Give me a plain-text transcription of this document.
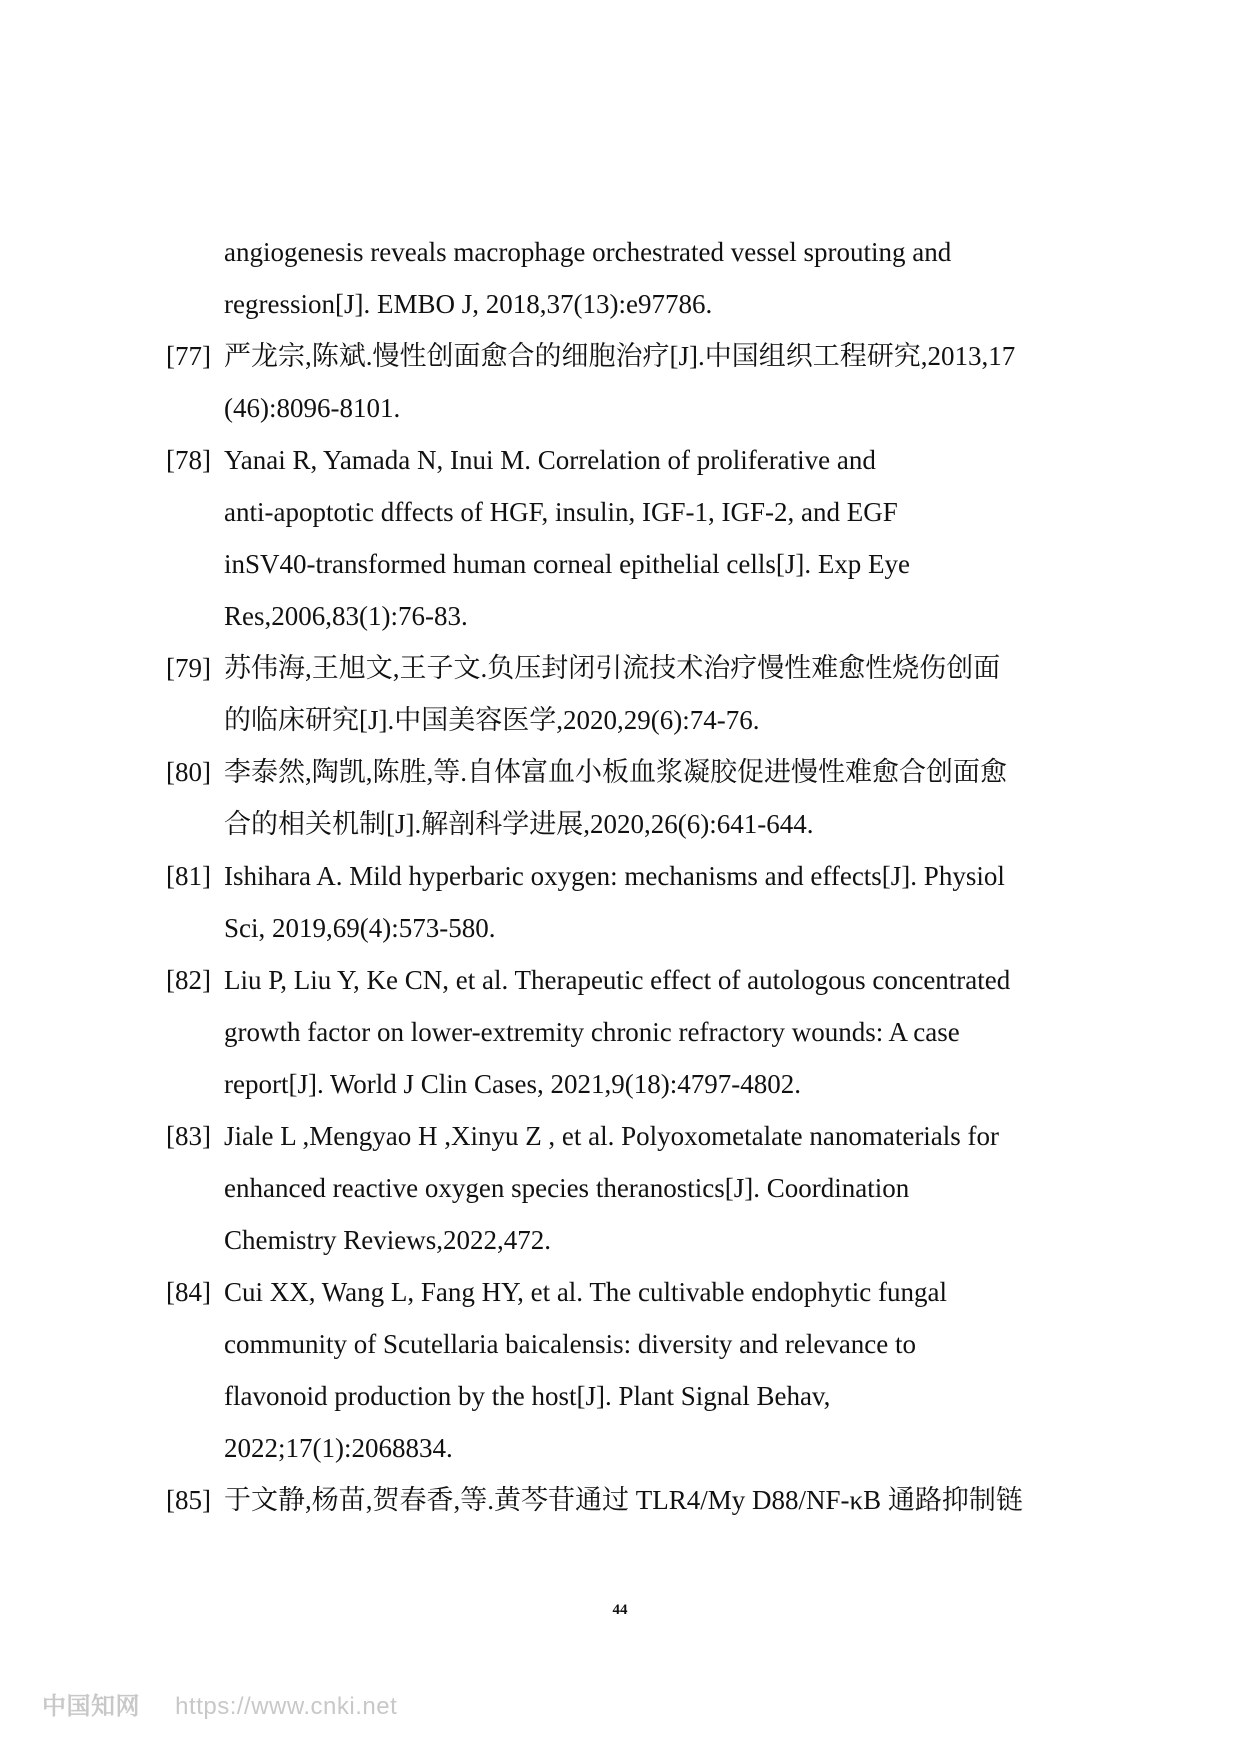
angiogenesis reveals macrophage orchestrated vessel sprouting and
regression[J]. EMBO J, 2018,37(13):e97786.
[77] 严龙宗,陈斌.慢性创面愈合的细胞治疗[J].中国组织工程研究,2013,17
(46):8096-8101.
[78] Yanai R, Yamada N, Inui M. Correlation of proliferative and
anti-apoptotic dffects of HGF, insulin, IGF-1, IGF-2, and EGF
inSV40-transformed human corneal epithelial cells[J]. Exp Eye
Res,2006,83(1):76-83.
[79] 苏伟海,王旭文,王子文.负压封闭引流技术治疗慢性难愈性烧伤创面
的临床研究[J].中国美容医学,2020,29(6):74-76.
[80] 李泰然,陶凯,陈胜,等.自体富血小板血浆凝胶促进慢性难愈合创面愈
合的相关机制[J].解剖科学进展,2020,26(6):641-644.
[81] Ishihara A. Mild hyperbaric oxygen: mechanisms and effects[J]. Physiol
Sci, 2019,69(4):573-580.
[82] Liu P, Liu Y, Ke CN, et al. Therapeutic effect of autologous concentrated
growth factor on lower-extremity chronic refractory wounds: A case
report[J]. World J Clin Cases, 2021,9(18):4797-4802.
[83] Jiale L ,Mengyao H ,Xinyu Z , et al. Polyoxometalate nanomaterials for
enhanced reactive oxygen species theranostics[J]. Coordination
Chemistry Reviews,2022,472.
[84] Cui XX, Wang L, Fang HY, et al. The cultivable endophytic fungal
community of Scutellaria baicalensis: diversity and relevance to
flavonoid production by the host[J]. Plant Signal Behav,
2022;17(1):2068834.
[85] 于文静,杨苗,贺春香,等.黄芩苷通过 TLR4/My D88/NF-κB 通路抑制链
44
中国知网 https://www.cnki.net
